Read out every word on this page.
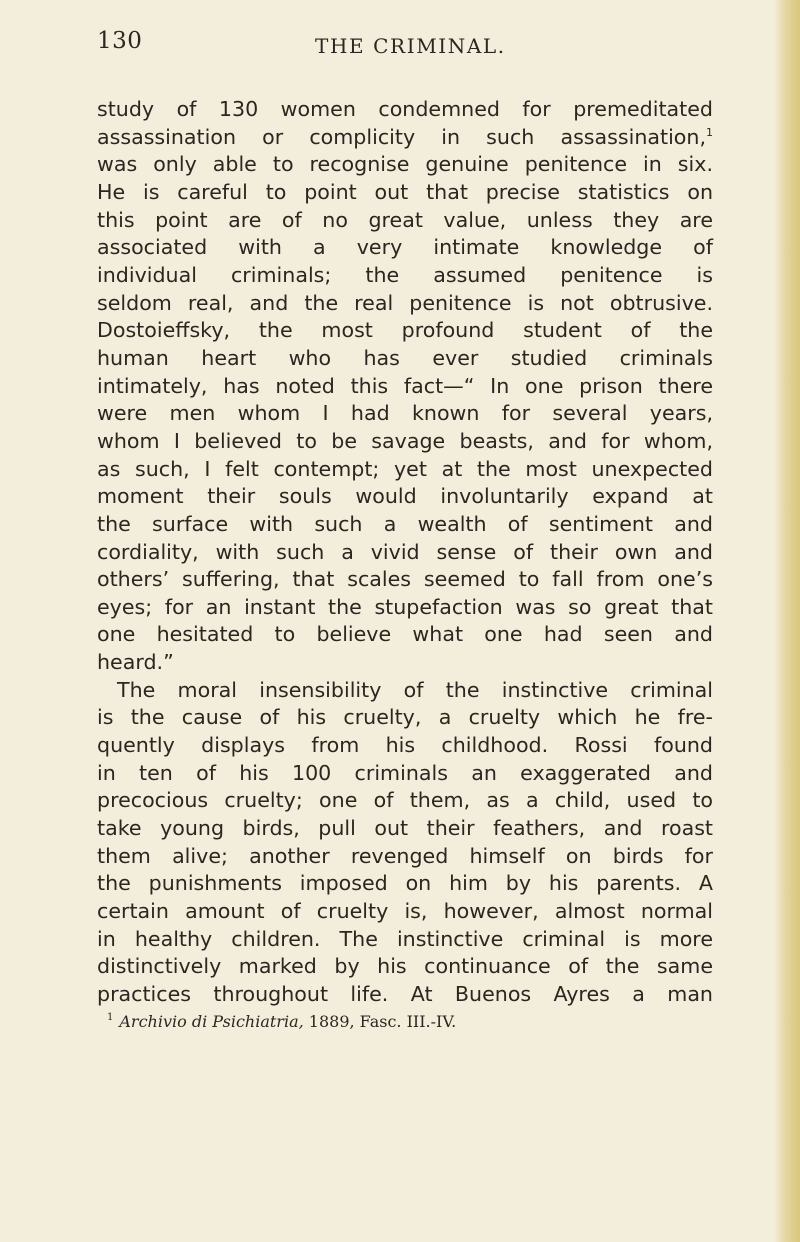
130	THE CRIMINAL.
study of 130 women condemned for premeditated
assassination or complicity in such assassination,$^1$
was only able to recognise genuine penitence in six.
He is careful to point out that precise statistics on
this point are of no great value, unless they are
associated with a very intimate knowledge of
individual criminals; the assumed penitence is
seldom real, and the real penitence is not obtrusive.
Dostoieffsky, the most profound student of the
human heart who has ever studied criminals
intimately, has noted this fact—“ In one prison there
were men whom I had known for several years,
whom I believed to be savage beasts, and for whom,
as such, I felt contempt; yet at the most unexpected
moment their souls would involuntarily expand at
the surface with such a wealth of sentiment and
cordiality, with such a vivid sense of their own and
others’ suffering, that scales seemed to fall from one’s
eyes; for an instant the stupefaction was so great that
one hesitated to believe what one had seen and
heard.”
The moral insensibility of the instinctive criminal
is the cause of his cruelty, a cruelty which he fre-
quently displays from his childhood. Rossi found
in ten of his 100 criminals an exaggerated and
precocious cruelty; one of them, as a child, used to
take young birds, pull out their feathers, and roast
them alive; another revenged himself on birds for
the punishments imposed on him by his parents. A
certain amount of cruelty is, however, almost normal
in healthy children. The instinctive criminal is more
distinctively marked by his continuance of the same
practices throughout life. At Buenos Ayres a man
$^1$ Archivio di Psichiatria, 1889, Fasc. III.-IV.
